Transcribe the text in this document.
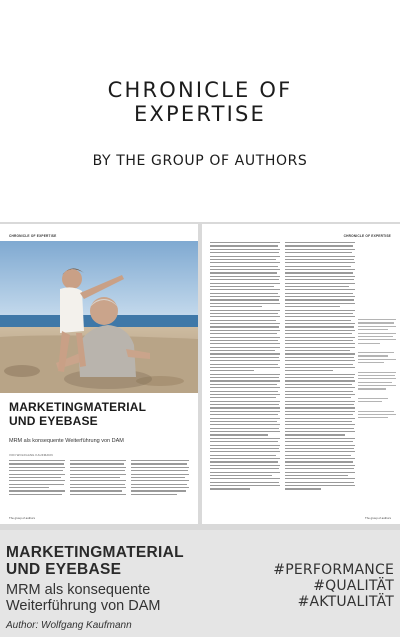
CHRONICLE OF
EXPERTISE
BY THE GROUP OF AUTHORS
CHRONICLE OF EXPERTISE
MARKETINGMATERIAL
UND EYEBASE
MRM als konsequente Weiterführung von DAM
VON WOLFGANG KAUFMANN
The group of authors
CHRONICLE OF EXPERTISE
The group of authors
MARKETINGMATERIAL
UND EYEBASE
MRM als konsequente Weiterführung von DAM
Author: Wolfgang Kaufmann
#PERFORMANCE
#QUALITÄT
#AKTUALITÄT
